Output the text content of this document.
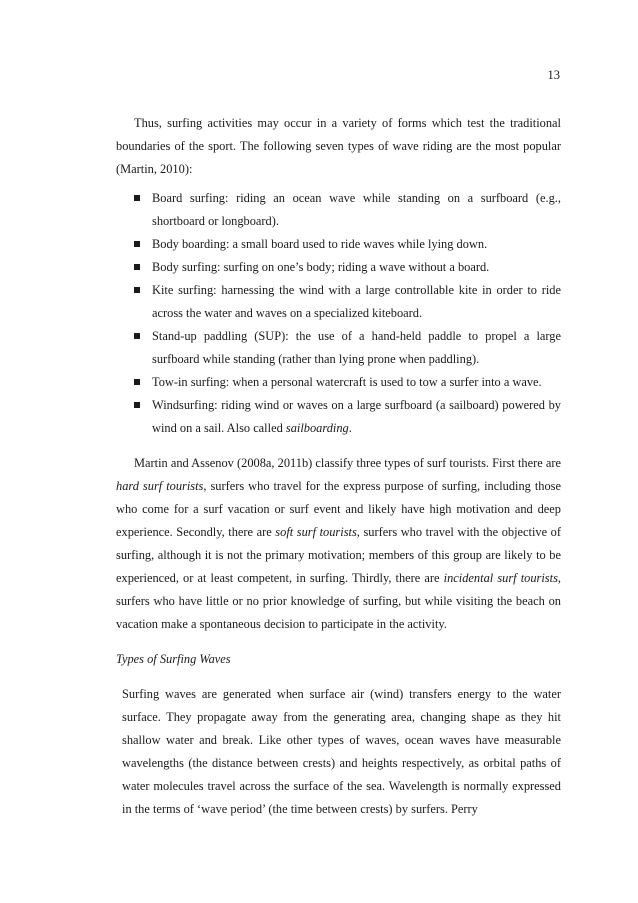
13

Thus, surfing activities may occur in a variety of forms which test the traditional boundaries of the sport. The following seven types of wave riding are the most popular (Martin, 2010):

Board surfing: riding an ocean wave while standing on a surfboard (e.g., shortboard or longboard).
Body boarding: a small board used to ride waves while lying down.
Body surfing: surfing on one’s body; riding a wave without a board.
Kite surfing: harnessing the wind with a large controllable kite in order to ride across the water and waves on a specialized kiteboard.
Stand-up paddling (SUP): the use of a hand-held paddle to propel a large surfboard while standing (rather than lying prone when paddling).
Tow-in surfing: when a personal watercraft is used to tow a surfer into a wave.
Windsurfing: riding wind or waves on a large surfboard (a sailboard) powered by wind on a sail. Also called sailboarding.

Martin and Assenov (2008a, 2011b) classify three types of surf tourists. First there are hard surf tourists, surfers who travel for the express purpose of surfing, including those who come for a surf vacation or surf event and likely have high motivation and deep experience. Secondly, there are soft surf tourists, surfers who travel with the objective of surfing, although it is not the primary motivation; members of this group are likely to be experienced, or at least competent, in surfing. Thirdly, there are incidental surf tourists, surfers who have little or no prior knowledge of surfing, but while visiting the beach on vacation make a spontaneous decision to participate in the activity.

Types of Surfing Waves

Surfing waves are generated when surface air (wind) transfers energy to the water surface. They propagate away from the generating area, changing shape as they hit shallow water and break. Like other types of waves, ocean waves have measurable wavelengths (the distance between crests) and heights respectively, as orbital paths of water molecules travel across the surface of the sea. Wavelength is normally expressed in the terms of ‘wave period’ (the time between crests) by surfers. Perry
